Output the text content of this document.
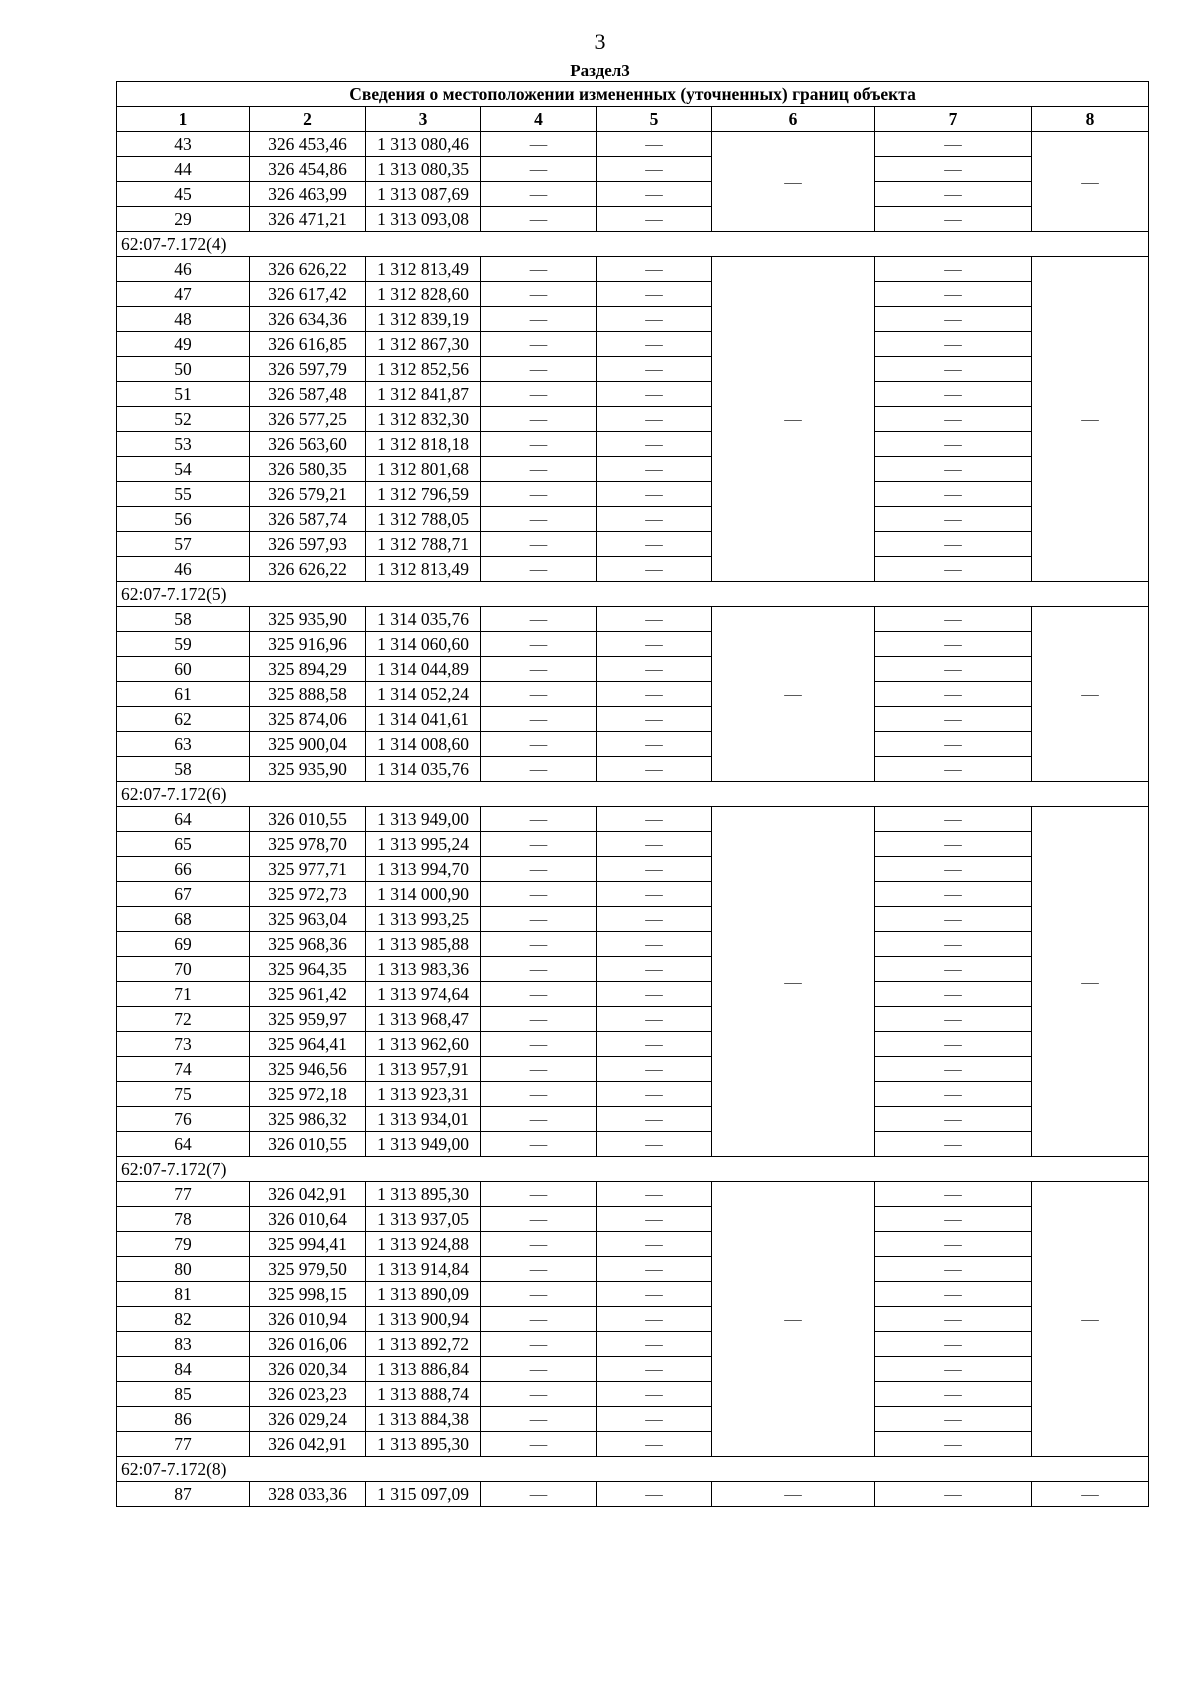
3
Раздел3
Сведения о местоположении измененных (уточненных) границ объекта							
1	2	3	4	5	6	7	8
43	326 453,46	1 313 080,46	—	—	—	—	—
44	326 454,86	1 313 080,35	—	—		—	
45	326 463,99	1 313 087,69	—	—		—	
29	326 471,21	1 313 093,08	—	—		—	
62:07-7.172(4)							
46	326 626,22	1 312 813,49	—	—	—	—	—
47	326 617,42	1 312 828,60	—	—		—	
48	326 634,36	1 312 839,19	—	—		—	
49	326 616,85	1 312 867,30	—	—		—	
50	326 597,79	1 312 852,56	—	—		—	
51	326 587,48	1 312 841,87	—	—		—	
52	326 577,25	1 312 832,30	—	—		—	
53	326 563,60	1 312 818,18	—	—		—	
54	326 580,35	1 312 801,68	—	—		—	
55	326 579,21	1 312 796,59	—	—		—	
56	326 587,74	1 312 788,05	—	—		—	
57	326 597,93	1 312 788,71	—	—		—	
46	326 626,22	1 312 813,49	—	—		—	
62:07-7.172(5)							
58	325 935,90	1 314 035,76	—	—	—	—	—
59	325 916,96	1 314 060,60	—	—		—	
60	325 894,29	1 314 044,89	—	—		—	
61	325 888,58	1 314 052,24	—	—		—	
62	325 874,06	1 314 041,61	—	—		—	
63	325 900,04	1 314 008,60	—	—		—	
58	325 935,90	1 314 035,76	—	—		—	
62:07-7.172(6)							
64	326 010,55	1 313 949,00	—	—	—	—	—
65	325 978,70	1 313 995,24	—	—		—	
66	325 977,71	1 313 994,70	—	—		—	
67	325 972,73	1 314 000,90	—	—		—	
68	325 963,04	1 313 993,25	—	—		—	
69	325 968,36	1 313 985,88	—	—		—	
70	325 964,35	1 313 983,36	—	—		—	
71	325 961,42	1 313 974,64	—	—		—	
72	325 959,97	1 313 968,47	—	—		—	
73	325 964,41	1 313 962,60	—	—		—	
74	325 946,56	1 313 957,91	—	—		—	
75	325 972,18	1 313 923,31	—	—		—	
76	325 986,32	1 313 934,01	—	—		—	
64	326 010,55	1 313 949,00	—	—		—	
62:07-7.172(7)							
77	326 042,91	1 313 895,30	—	—	—	—	—
78	326 010,64	1 313 937,05	—	—		—	
79	325 994,41	1 313 924,88	—	—		—	
80	325 979,50	1 313 914,84	—	—		—	
81	325 998,15	1 313 890,09	—	—		—	
82	326 010,94	1 313 900,94	—	—		—	
83	326 016,06	1 313 892,72	—	—		—	
84	326 020,34	1 313 886,84	—	—		—	
85	326 023,23	1 313 888,74	—	—		—	
86	326 029,24	1 313 884,38	—	—		—	
77	326 042,91	1 313 895,30	—	—		—	
62:07-7.172(8)							
87	328 033,36	1 315 097,09	—	—	—	—	—
